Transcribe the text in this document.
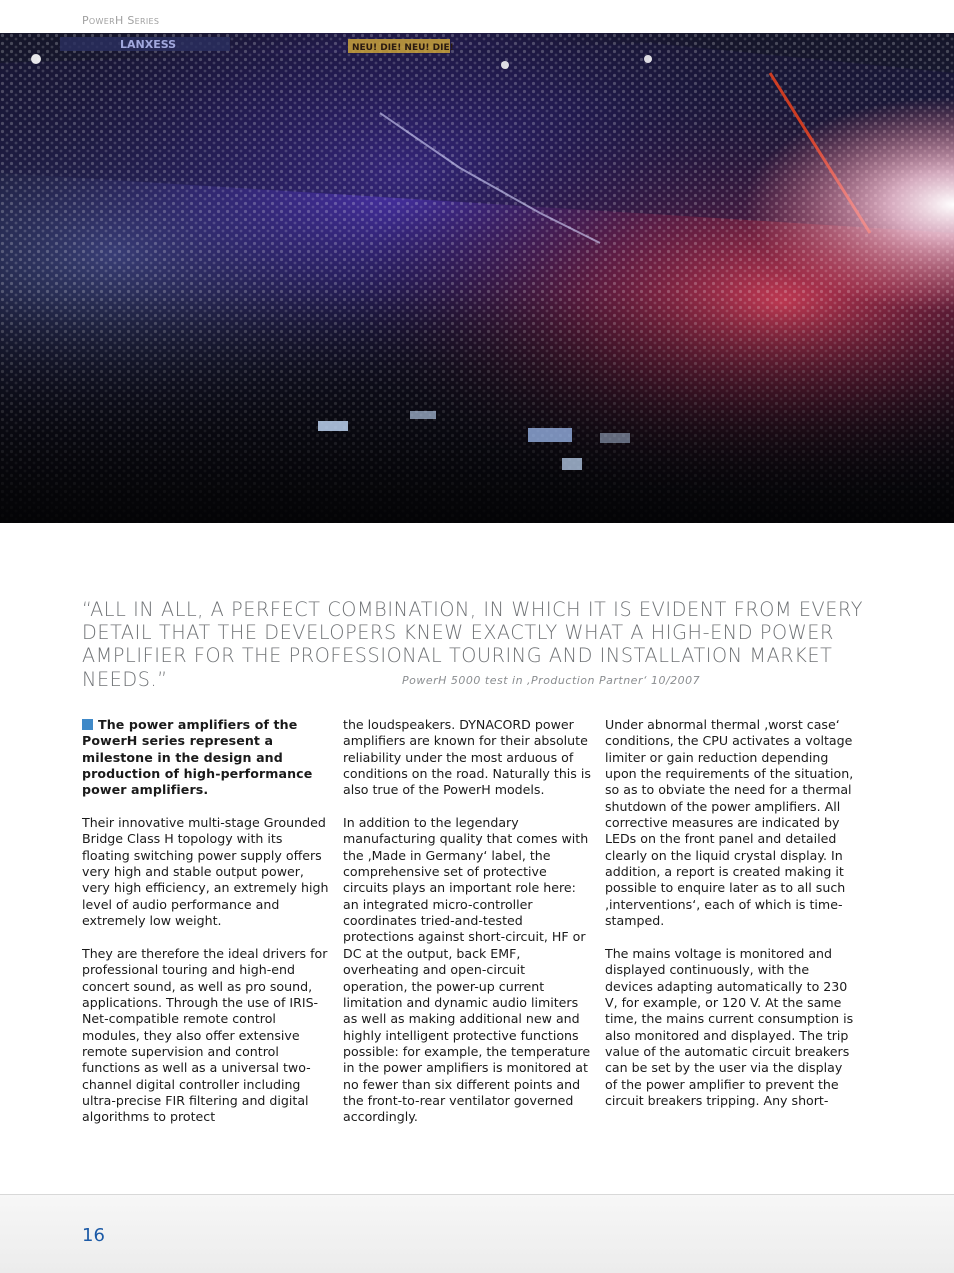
PowerH Series

“ALL IN ALL, A PERFECT COMBINATION, IN WHICH IT IS EVIDENT FROM EVERY DETAIL THAT THE DEVELOPERS KNEW EXACTLY WHAT A HIGH-END POWER AMPLIFIER FOR THE PROFESSIONAL TOURING AND INSTALLATION MARKET NEEDS.”	PowerH 5000 test in ‚Production Partner‘ 10/2007

The power amplifiers of the PowerH series represent a milestone in the design and production of high-performance power amplifiers.

Their innovative multi-stage Grounded Bridge Class H topology with its floating switching power supply offers very high and stable output power, very high efficiency, an extremely high level of audio performance and extremely low weight.

They are therefore the ideal drivers for professional touring and high-end concert sound, as well as pro sound, applications. Through the use of IRIS-Net-compatible remote control modules, they also offer extensive remote supervision and control functions as well as a universal two-channel digital controller including ultra-precise FIR filtering and digital algorithms to protect

the loudspeakers. DYNACORD power amplifiers are known for their absolute reliability under the most arduous of conditions on the road. Naturally this is also true of the PowerH models.

In addition to the legendary manufacturing quality that comes with the ‚Made in Germany‘ label, the comprehensive set of protective circuits plays an important role here: an integrated micro-controller coordinates tried-and-tested protections against short-circuit, HF or DC at the output, back EMF, overheating and open-circuit operation, the power-up current limitation and dynamic audio limiters as well as making additional new and highly intelligent protective functions possible: for example, the temperature in the power amplifiers is monitored at no fewer than six different points and the front-to-rear ventilator governed accordingly.

Under abnormal thermal ‚worst case‘ conditions, the CPU activates a voltage limiter or gain reduction depending upon the requirements of the situation, so as to obviate the need for a thermal shutdown of the power amplifiers. All corrective measures are indicated by LEDs on the front panel and detailed clearly on the liquid crystal display. In addition, a report is created making it possible to enquire later as to all such ‚interventions‘, each of which is time-stamped.

The mains voltage is monitored and displayed continuously, with the devices adapting automatically to 230 V, for example, or 120 V. At the same time, the mains current consumption is also monitored and displayed. The trip value of the automatic circuit breakers can be set by the user via the display of the power amplifier to prevent the circuit breakers tripping. Any short-

16
